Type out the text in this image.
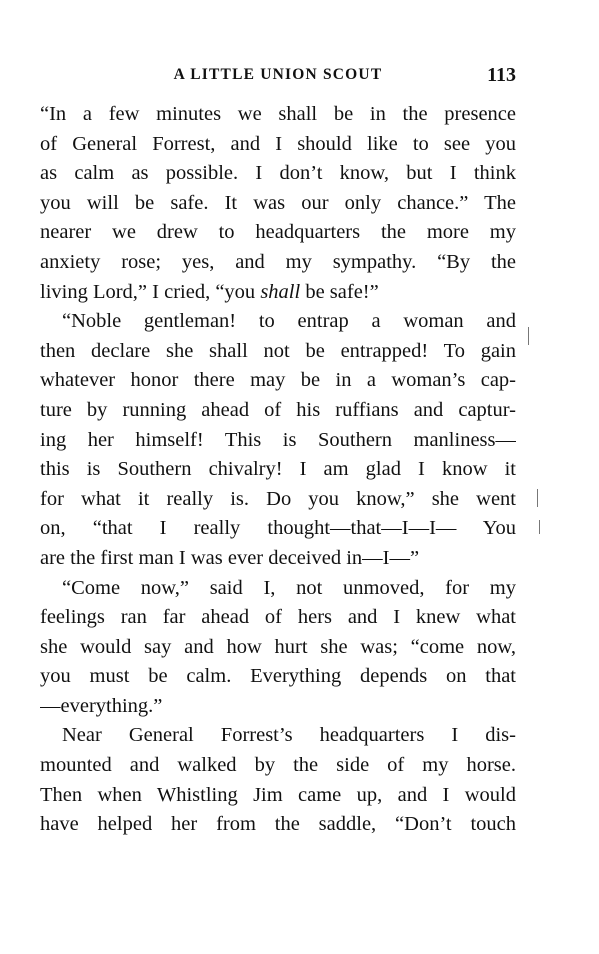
A LITTLE UNION SCOUT	113
“In a few minutes we shall be in the presence
of General Forrest, and I should like to see you
as calm as possible. I don’t know, but I think
you will be safe. It was our only chance.” The
nearer we drew to headquarters the more my
anxiety rose; yes, and my sympathy. “By the
living Lord,” I cried, “you shall be safe!”
“Noble gentleman! to entrap a woman and
then declare she shall not be entrapped! To gain
whatever honor there may be in a woman’s cap-
ture by running ahead of his ruffians and captur-
ing her himself! This is Southern manliness—
this is Southern chivalry! I am glad I know it
for what it really is. Do you know,” she went
on, “that I really thought—that—I—I— You
are the first man I was ever deceived in—I—”
“Come now,” said I, not unmoved, for my
feelings ran far ahead of hers and I knew what
she would say and how hurt she was; “come now,
you must be calm. Everything depends on that
—everything.”
Near General Forrest’s headquarters I dis-
mounted and walked by the side of my horse.
Then when Whistling Jim came up, and I would
have helped her from the saddle, “Don’t touch
